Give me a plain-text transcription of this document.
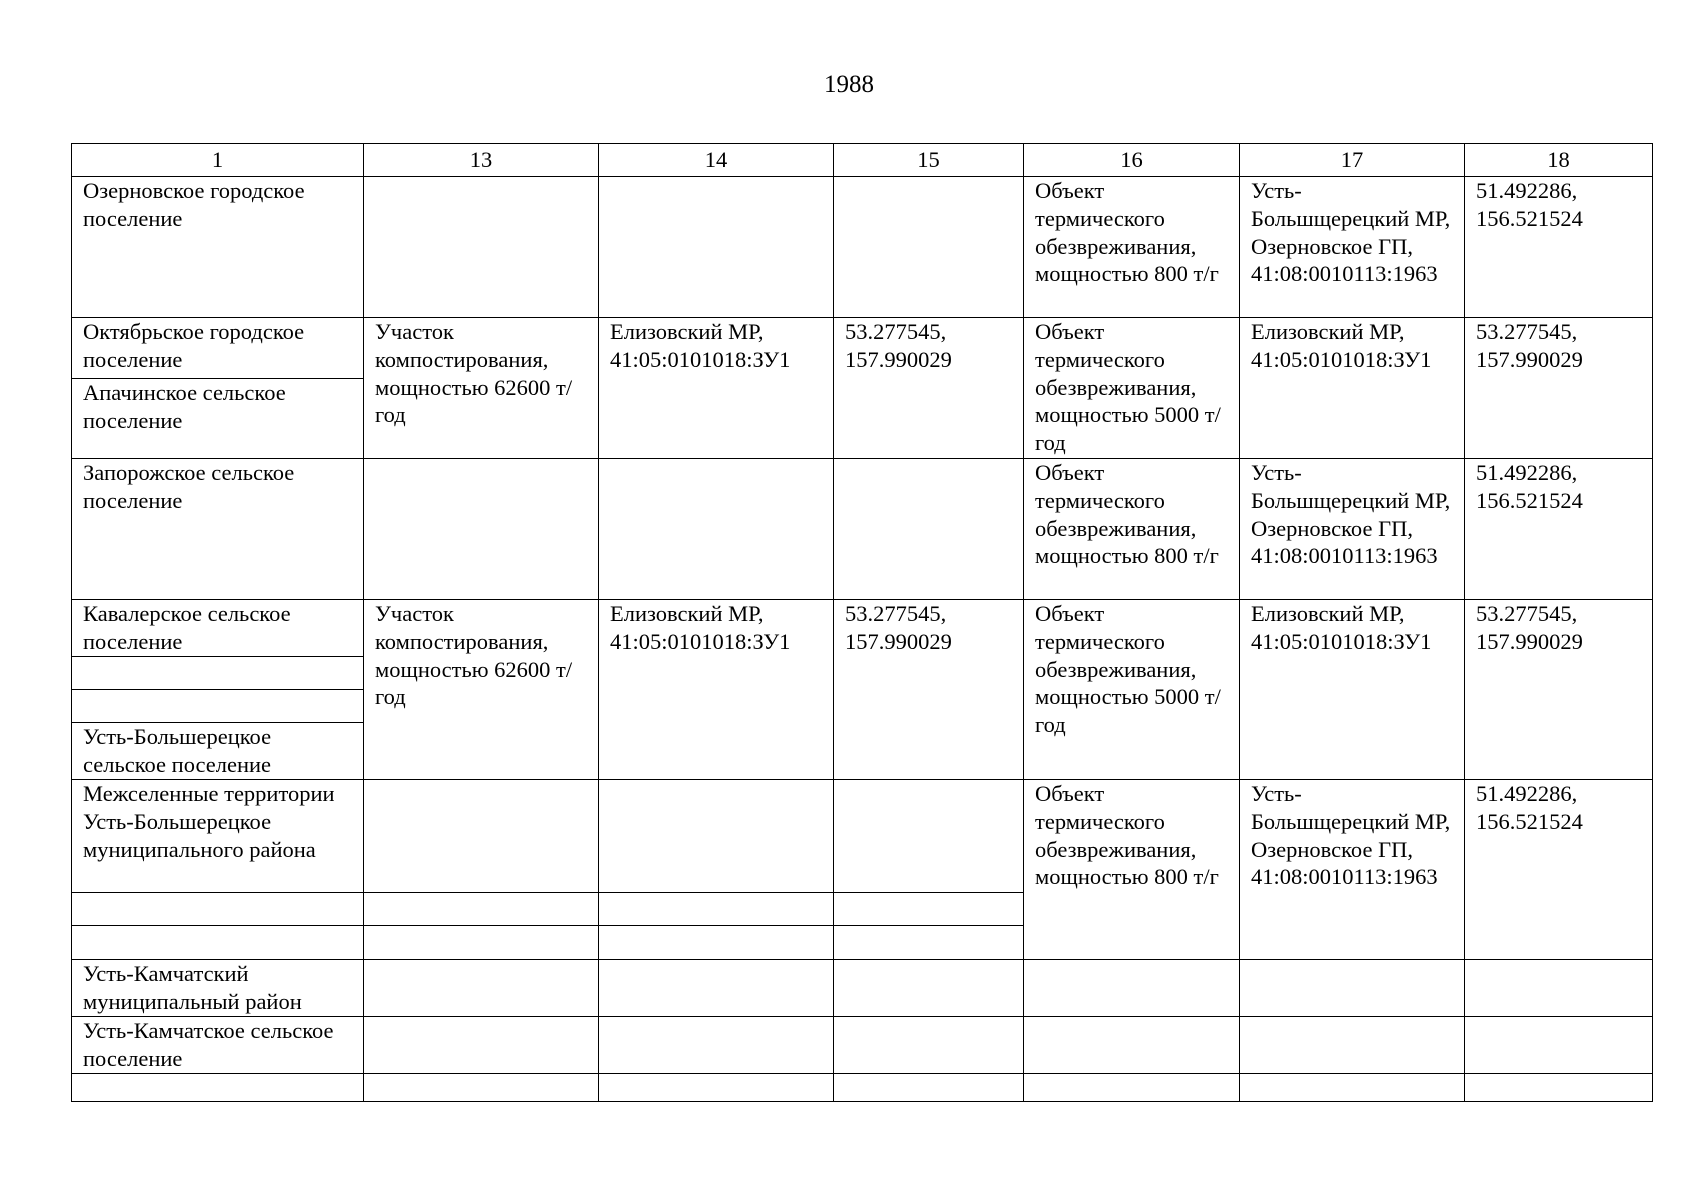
1988
1	13	14	15	16	17	18
Озерновское городское поселение				Объект термического обезвреживания, мощностью 800 т/г	Усть-Большщерецкий МР, Озерновское ГП, 41:08:0010113:1963	51.492286, 156.521524
Октябрьское городское поселение	Участок компостирования, мощностью 62600 т/год	Елизовский МР, 41:05:0101018:ЗУ1	53.277545, 157.990029	Объект термического обезвреживания, мощностью 5000 т/год	Елизовский МР, 41:05:0101018:ЗУ1	53.277545, 157.990029
Апачинское сельское поселение						
Запорожское сельское поселение				Объект термического обезвреживания, мощностью 800 т/г	Усть-Большщерецкий МР, Озерновское ГП, 41:08:0010113:1963	51.492286, 156.521524
Кавалерское сельское поселение	Участок компостирования, мощностью 62600 т/год	Елизовский МР, 41:05:0101018:ЗУ1	53.277545, 157.990029	Объект термического обезвреживания, мощностью 5000 т/год	Елизовский МР, 41:05:0101018:ЗУ1	53.277545, 157.990029

Усть-Большерецкое сельское поселение						
Межселенные территории Усть-Большерецкое муниципального района				Объект термического обезвреживания, мощностью 800 т/г	Усть-Большщерецкий МР, Озерновское ГП, 41:08:0010113:1963	51.492286, 156.521524

Усть-Камчатский муниципальный район						
Усть-Камчатское сельское поселение						
